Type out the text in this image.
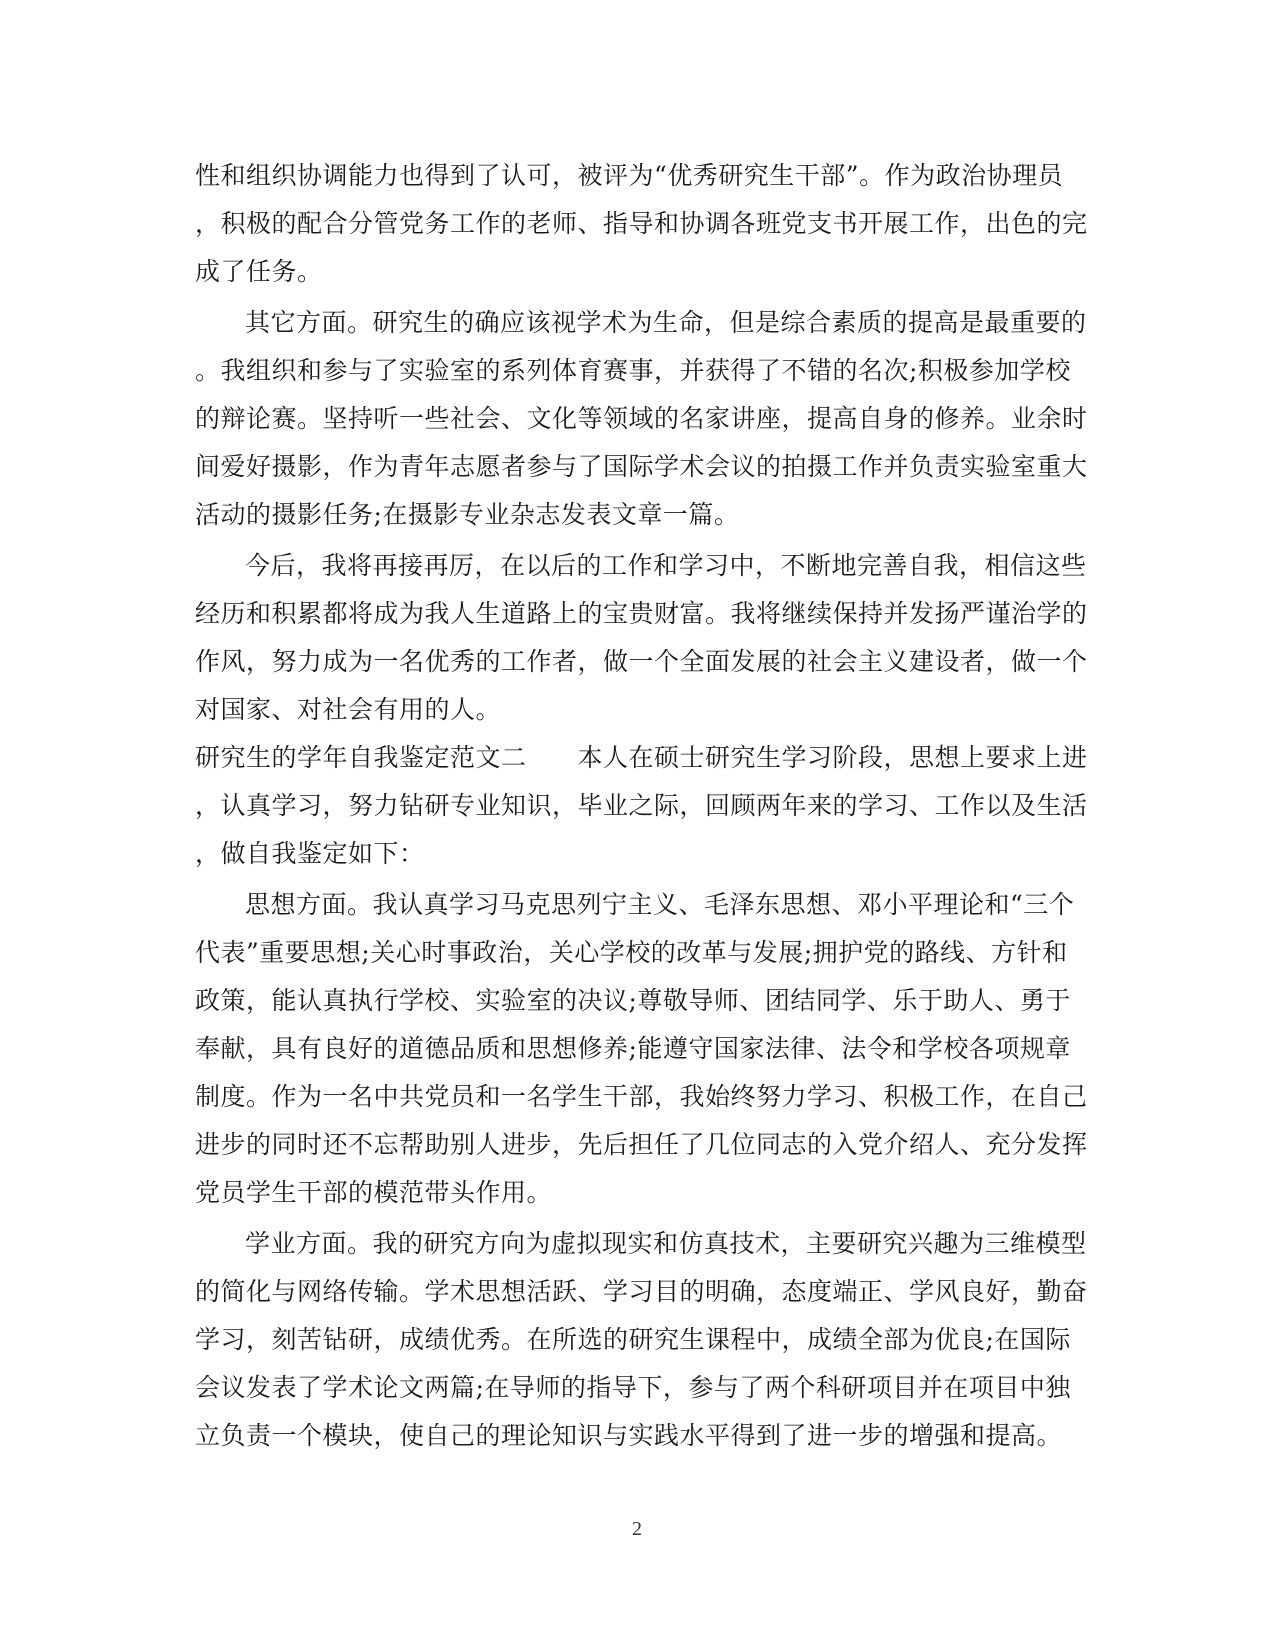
性和组织协调能力也得到了认可，被评为“优秀研究生干部”。作为政治协理员
，积极的配合分管党务工作的老师、指导和协调各班党支书开展工作，出色的完
成了任务。
其它方面。研究生的确应该视学术为生命，但是综合素质的提高是最重要的
。我组织和参与了实验室的系列体育赛事，并获得了不错的名次;积极参加学校
的辩论赛。坚持听一些社会、文化等领域的名家讲座，提高自身的修养。业余时
间爱好摄影，作为青年志愿者参与了国际学术会议的拍摄工作并负责实验室重大
活动的摄影任务;在摄影专业杂志发表文章一篇。
今后，我将再接再厉，在以后的工作和学习中，不断地完善自我，相信这些
经历和积累都将成为我人生道路上的宝贵财富。我将继续保持并发扬严谨治学的
作风，努力成为一名优秀的工作者，做一个全面发展的社会主义建设者，做一个
对国家、对社会有用的人。
研究生的学年自我鉴定范文二　　本人在硕士研究生学习阶段，思想上要求上进
，认真学习，努力钻研专业知识，毕业之际，回顾两年来的学习、工作以及生活
，做自我鉴定如下：
思想方面。我认真学习马克思列宁主义、毛泽东思想、邓小平理论和“三个
代表”重要思想;关心时事政治，关心学校的改革与发展;拥护党的路线、方针和
政策，能认真执行学校、实验室的决议;尊敬导师、团结同学、乐于助人、勇于
奉献，具有良好的道德品质和思想修养;能遵守国家法律、法令和学校各项规章
制度。作为一名中共党员和一名学生干部，我始终努力学习、积极工作，在自己
进步的同时还不忘帮助别人进步，先后担任了几位同志的入党介绍人、充分发挥
党员学生干部的模范带头作用。
学业方面。我的研究方向为虚拟现实和仿真技术，主要研究兴趣为三维模型
的简化与网络传输。学术思想活跃、学习目的明确，态度端正、学风良好，勤奋
学习，刻苦钻研，成绩优秀。在所选的研究生课程中，成绩全部为优良;在国际
会议发表了学术论文两篇;在导师的指导下，参与了两个科研项目并在项目中独
立负责一个模块，使自己的理论知识与实践水平得到了进一步的增强和提高。
2
